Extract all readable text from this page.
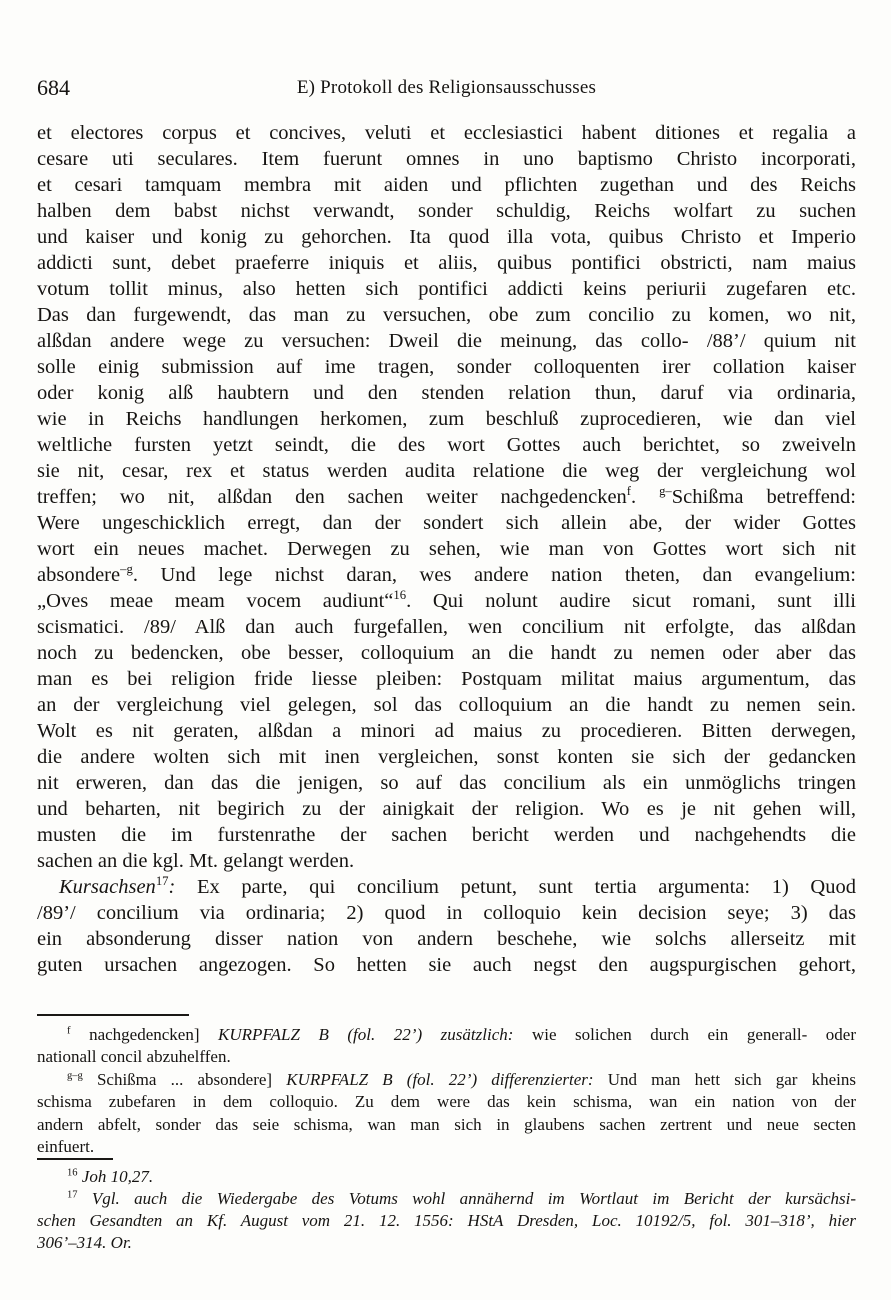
684	E) Protokoll des Religionsausschusses
et electores corpus et concives, veluti et ecclesiastici habent ditiones et regalia a
cesare uti seculares. Item fuerunt omnes in uno baptismo Christo incorporati,
et cesari tamquam membra mit aiden und pflichten zugethan und des Reichs
halben dem babst nichst verwandt, sonder schuldig, Reichs wolfart zu suchen
und kaiser und konig zu gehorchen. Ita quod illa vota, quibus Christo et Imperio
addicti sunt, debet praeferre iniquis et aliis, quibus pontifici obstricti, nam maius
votum tollit minus, also hetten sich pontifici addicti keins periurii zugefaren etc.
Das dan furgewendt, das man zu versuchen, obe zum concilio zu komen, wo nit,
alßdan andere wege zu versuchen: Dweil die meinung, das collo- /88’/ quium nit
solle einig submission auf ime tragen, sonder colloquenten irer collation kaiser
oder konig alß haubtern und den stenden relation thun, daruf via ordinaria,
wie in Reichs handlungen herkomen, zum beschluß zuprocedieren, wie dan viel
weltliche fursten yetzt seindt, die des wort Gottes auch berichtet, so zweiveln
sie nit, cesar, rex et status werden audita relatione die weg der vergleichung wol
treffen; wo nit, alßdan den sachen weiter nachgedencken$^f$. $^{g-}$Schißma betreffend:
Were ungeschicklich erregt, dan der sondert sich allein abe, der wider Gottes
wort ein neues machet. Derwegen zu sehen, wie man von Gottes wort sich nit
absondere$^{-g}$. Und lege nichst daran, wes andere nation theten, dan evangelium:
„Oves meae meam vocem audiunt“$^{16}$. Qui nolunt audire sicut romani, sunt illi
scismatici. /89/ Alß dan auch furgefallen, wen concilium nit erfolgte, das alßdan
noch zu bedencken, obe besser, colloquium an die handt zu nemen oder aber das
man es bei religion fride liesse pleiben: Postquam militat maius argumentum, das
an der vergleichung viel gelegen, sol das colloquium an die handt zu nemen sein.
Wolt es nit geraten, alßdan a minori ad maius zu procedieren. Bitten derwegen,
die andere wolten sich mit inen vergleichen, sonst konten sie sich der gedancken
nit erweren, dan das die jenigen, so auf das concilium als ein unmöglichs tringen
und beharten, nit begirich zu der ainigkait der religion. Wo es je nit gehen will,
musten die im furstenrathe der sachen bericht werden und nachgehendts die
sachen an die kgl. Mt. gelangt werden.
Kursachsen$^{17}$: Ex parte, qui concilium petunt, sunt tertia argumenta: 1) Quod
/89’/ concilium via ordinaria; 2) quod in colloquio kein decision seye; 3) das
ein absonderung disser nation von andern beschehe, wie solchs allerseitz mit
guten ursachen angezogen. So hetten sie auch negst den augspurgischen gehort,
$^f$ nachgedencken] KURPFALZ B (fol. 22’) zusätzlich: wie solichen durch ein generall- oder
nationall concil abzuhelffen.
$^{g-g}$ Schißma ... absondere] KURPFALZ B (fol. 22’) differenzierter: Und man hett sich gar kheins
schisma zubefaren in dem colloquio. Zu dem were das kein schisma, wan ein nation von der
andern abfelt, sonder das seie schisma, wan man sich in glaubens sachen zertrent und neue secten
einfuert.
$^{16}$ Joh 10,27.
$^{17}$ Vgl. auch die Wiedergabe des Votums wohl annähernd im Wortlaut im Bericht der kursächsi-
schen Gesandten an Kf. August vom 21. 12. 1556: HStA Dresden, Loc. 10192/5, fol. 301–318’, hier
306’–314. Or.
